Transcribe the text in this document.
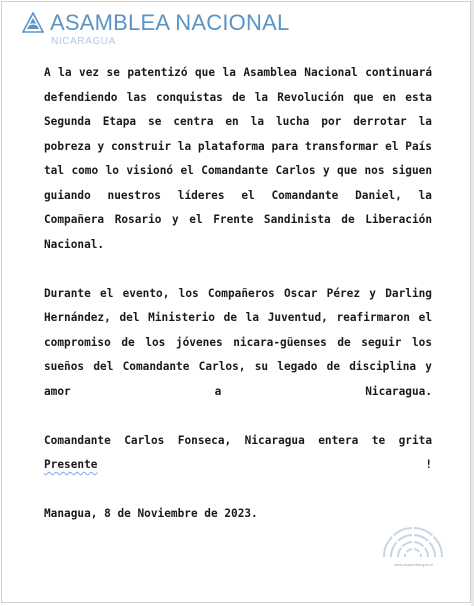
ASAMBLEA NACIONAL
NICARAGUA

A la vez se patentizó que la Asamblea Nacional continuará defendiendo las conquistas de la Revolución que en esta Segunda Etapa se centra en la lucha por derrotar la pobreza y construir la plataforma para transformar el País tal como lo visionó el Comandante Carlos y que nos siguen guiando nuestros líderes el Comandante Daniel, la Compañera Rosario y el Frente Sandinista de Liberación Nacional.

Durante el evento, los Compañeros Oscar Pérez y Darling Hernández, del Ministerio de la Juventud, reafirmaron el compromiso de los jóvenes nicara-güenses de seguir los sueños del Comandante Carlos, su legado de disciplina y amor a Nicaragua.

Comandante Carlos Fonseca, Nicaragua entera te grita Presente	!

Managua, 8 de Noviembre de 2023.

www.asamblea.gob.ni
